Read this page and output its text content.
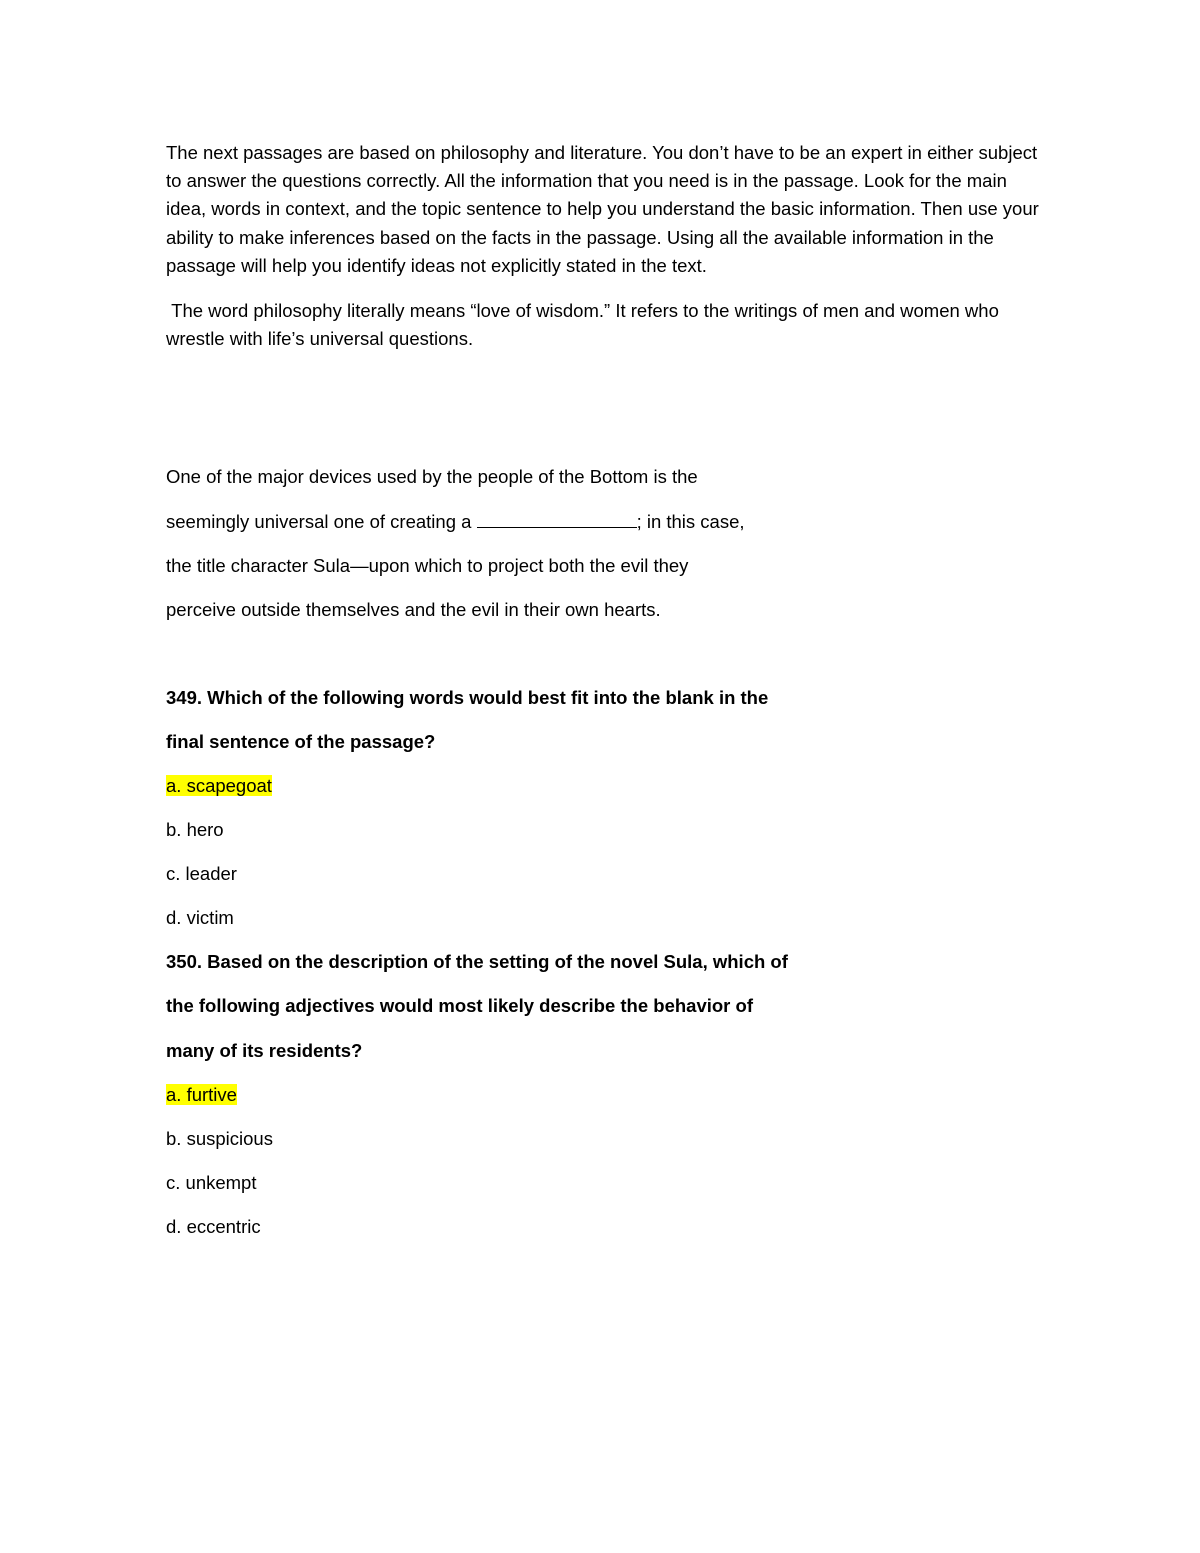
The next passages are based on philosophy and literature. You don’t have to be an expert in either subject to answer the questions correctly. All the information that you need is in the passage. Look for the main idea, words in context, and the topic sentence to help you understand the basic information. Then use your ability to make inferences based on the facts in the passage. Using all the available information in the passage will help you identify ideas not explicitly stated in the text.

The word philosophy literally means “love of wisdom.” It refers to the writings of men and women who wrestle with life’s universal questions.

One of the major devices used by the people of the Bottom is the
seemingly universal one of creating a	; in this case,
the title character Sula—upon which to project both the evil they
perceive outside themselves and the evil in their own hearts.
349. Which of the following words would best fit into the blank in the
final sentence of the passage?
a. scapegoat
b. hero
c. leader
d. victim
350. Based on the description of the setting of the novel Sula, which of
the following adjectives would most likely describe the behavior of
many of its residents?
a. furtive
b. suspicious
c. unkempt
d. eccentric
